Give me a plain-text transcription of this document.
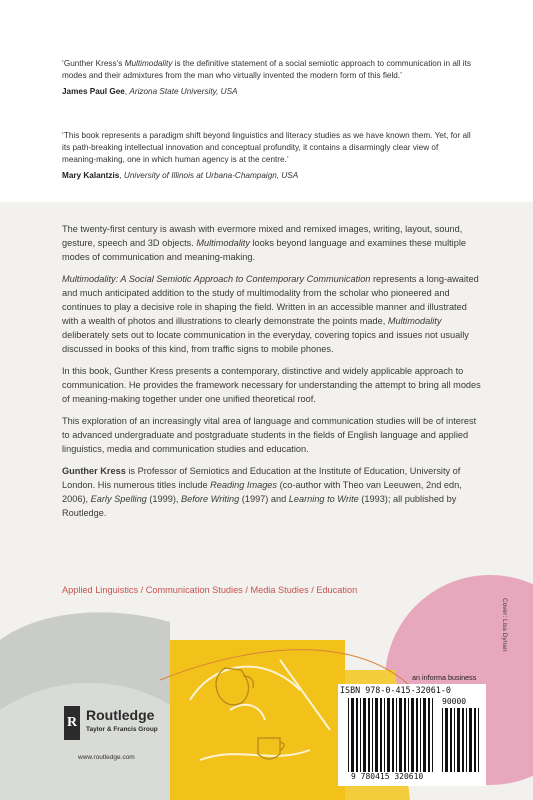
‘Gunther Kress’s Multimodality is the definitive statement of a social semiotic approach to communication in all its modes and their admixtures from the man who virtually invented the modern form of this field.’
James Paul Gee, Arizona State University, USA
‘This book represents a paradigm shift beyond linguistics and literacy studies as we have known them. Yet, for all its path-breaking intellectual innovation and conceptual profundity, it contains a disarmingly clear view of meaning-making, one in which human agency is at the centre.’
Mary Kalantzis, University of Illinois at Urbana-Champaign, USA

The twenty-first century is awash with evermore mixed and remixed images, writing, layout, sound, gesture, speech and 3D objects. Multimodality looks beyond language and examines these multiple modes of communication and meaning-making.

Multimodality: A Social Semiotic Approach to Contemporary Communication represents a long-awaited and much anticipated addition to the study of multimodality from the scholar who pioneered and continues to play a decisive role in shaping the field. Written in an accessible manner and illustrated with a wealth of photos and illustrations to clearly demonstrate the points made, Multimodality deliberately sets out to locate communication in the everyday, covering topics and issues not usually discussed in books of this kind, from traffic signs to mobile phones.

In this book, Gunther Kress presents a contemporary, distinctive and widely applicable approach to communication. He provides the framework necessary for understanding the attempt to bring all modes of meaning-making together under one unified theoretical roof.

This exploration of an increasingly vital area of language and communication studies will be of interest to advanced undergraduate and postgraduate students in the fields of English language and applied linguistics, media and communication studies and education.

Gunther Kress is Professor of Semiotics and Education at the Institute of Education, University of London. His numerous titles include Reading Images (co-author with Theo van Leeuwen, 2nd edn, 2006), Early Spelling (1999), Before Writing (1997) and Learning to Write (1993); all published by Routledge.

Applied Linguistics / Communication Studies / Media Studies / Education
Cover: Lisa Dynan
R Routledge
Taylor & Francis Group
www.routledge.com
an informa business
ISBN 978-0-415-32061-0
90000
9 780415 320610
